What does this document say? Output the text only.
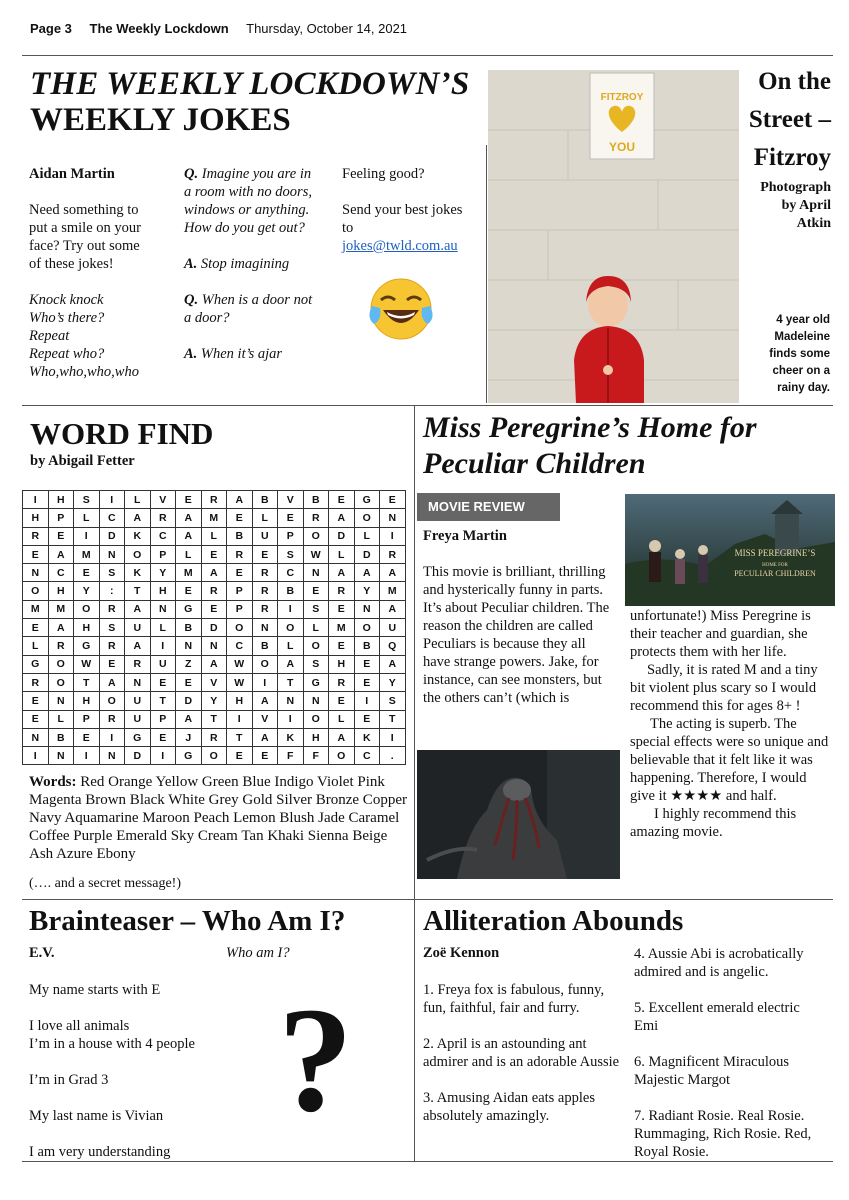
Page 3 The Weekly Lockdown Thursday, October 14, 2021
THE WEEKLY LOCKDOWN’S
WEEKLY JOKES

Aidan Martin

Need something to

put a smile on your

face? Try out some

of these jokes!

Knock knock

Who’s there?

Repeat

Repeat who?

Who,who,who,who

Q. Imagine you are in

a room with no doors,

windows or anything.

How do you get out?

A. Stop imagining

Q. When is a door not

a door?

A. When it’s ajar

Feeling good?

Send your best jokes

to

jokes@twld.com.au

FITZROY
YOU
On the
Street –
Fitzroy
Photograph
by April
Atkin
4 year old
Madeleine
finds some
cheer on a
rainy day.
WORD FIND
by Abigail Fetter
I	H	S	I	L	V	E	R	A	B	V	B	E	G	E
H	P	L	C	A	R	A	M	E	L	E	R	A	O	N
R	E	I	D	K	C	A	L	B	U	P	O	D	L	I
E	A	M	N	O	P	L	E	R	E	S	W	L	D	R
N	C	E	S	K	Y	M	A	E	R	C	N	A	A	A
O	H	Y	:	T	H	E	R	P	R	B	E	R	Y	M
M	M	O	R	A	N	G	E	P	R	I	S	E	N	A
E	A	H	S	U	L	B	D	O	N	O	L	M	O	U
L	R	G	R	A	I	N	N	C	B	L	O	E	B	Q
G	O	W	E	R	U	Z	A	W	O	A	S	H	E	A
R	O	T	A	N	E	E	V	W	I	T	G	R	E	Y
E	N	H	O	U	T	D	Y	H	A	N	N	E	I	S
E	L	P	R	U	P	A	T	I	V	I	O	L	E	T
N	B	E	I	G	E	J	R	T	A	K	H	A	K	I
I	N	I	N	D	I	G	O	E	E	F	F	O	C	.
Words: Red Orange Yellow Green Blue Indigo Violet Pink Magenta Brown Black White Grey Gold Silver Bronze Copper Navy Aquamarine Maroon Peach Lemon Blush Jade Caramel Coffee Purple Emerald Sky Cream Tan Khaki Sienna Beige Ash Azure Ebony
(…. and a secret message!)
Miss Peregrine’s Home for
Peculiar Children
MOVIE REVIEW
Freya Martin
This movie is brilliant, thrilling and hysterically funny in parts. It’s about Peculiar children. The reason the children are called Peculiars is because they all have strange powers. Jake, for instance, can see monsters, but the others can’t (which is
MISS PEREGRINE’S
HOME FOR
PECULIAR CHILDREN
unfortunate!) Miss Peregrine is their teacher and guardian, she protects them with her life.
Sadly, it is rated M and a tiny bit violent plus scary so I would recommend this for ages 8+ !
The acting is superb. The special effects were so unique and believable that it felt like it was happening. Therefore, I would give it ★★★★ and half.
I highly recommend this amazing movie.
Brainteaser – Who Am I?
E.V.	Who am I?
My name starts with E
I love all animals
I’m in a house with 4 people
I’m in Grad 3
My last name is Vivian
I am very understanding
?
Alliteration Abounds
Zoë Kennon
1. Freya fox is fabulous, funny, fun, faithful, fair and furry.
2. April is an astounding ant admirer and is an adorable Aussie
3. Amusing Aidan eats apples absolutely amazingly.
4. Aussie Abi is acrobatically admired and is angelic.
5. Excellent emerald electric Emi
6. Magnificent Miraculous Majestic Margot
7. Radiant Rosie. Real Rosie. Rummaging, Rich Rosie. Red, Royal Rosie.
